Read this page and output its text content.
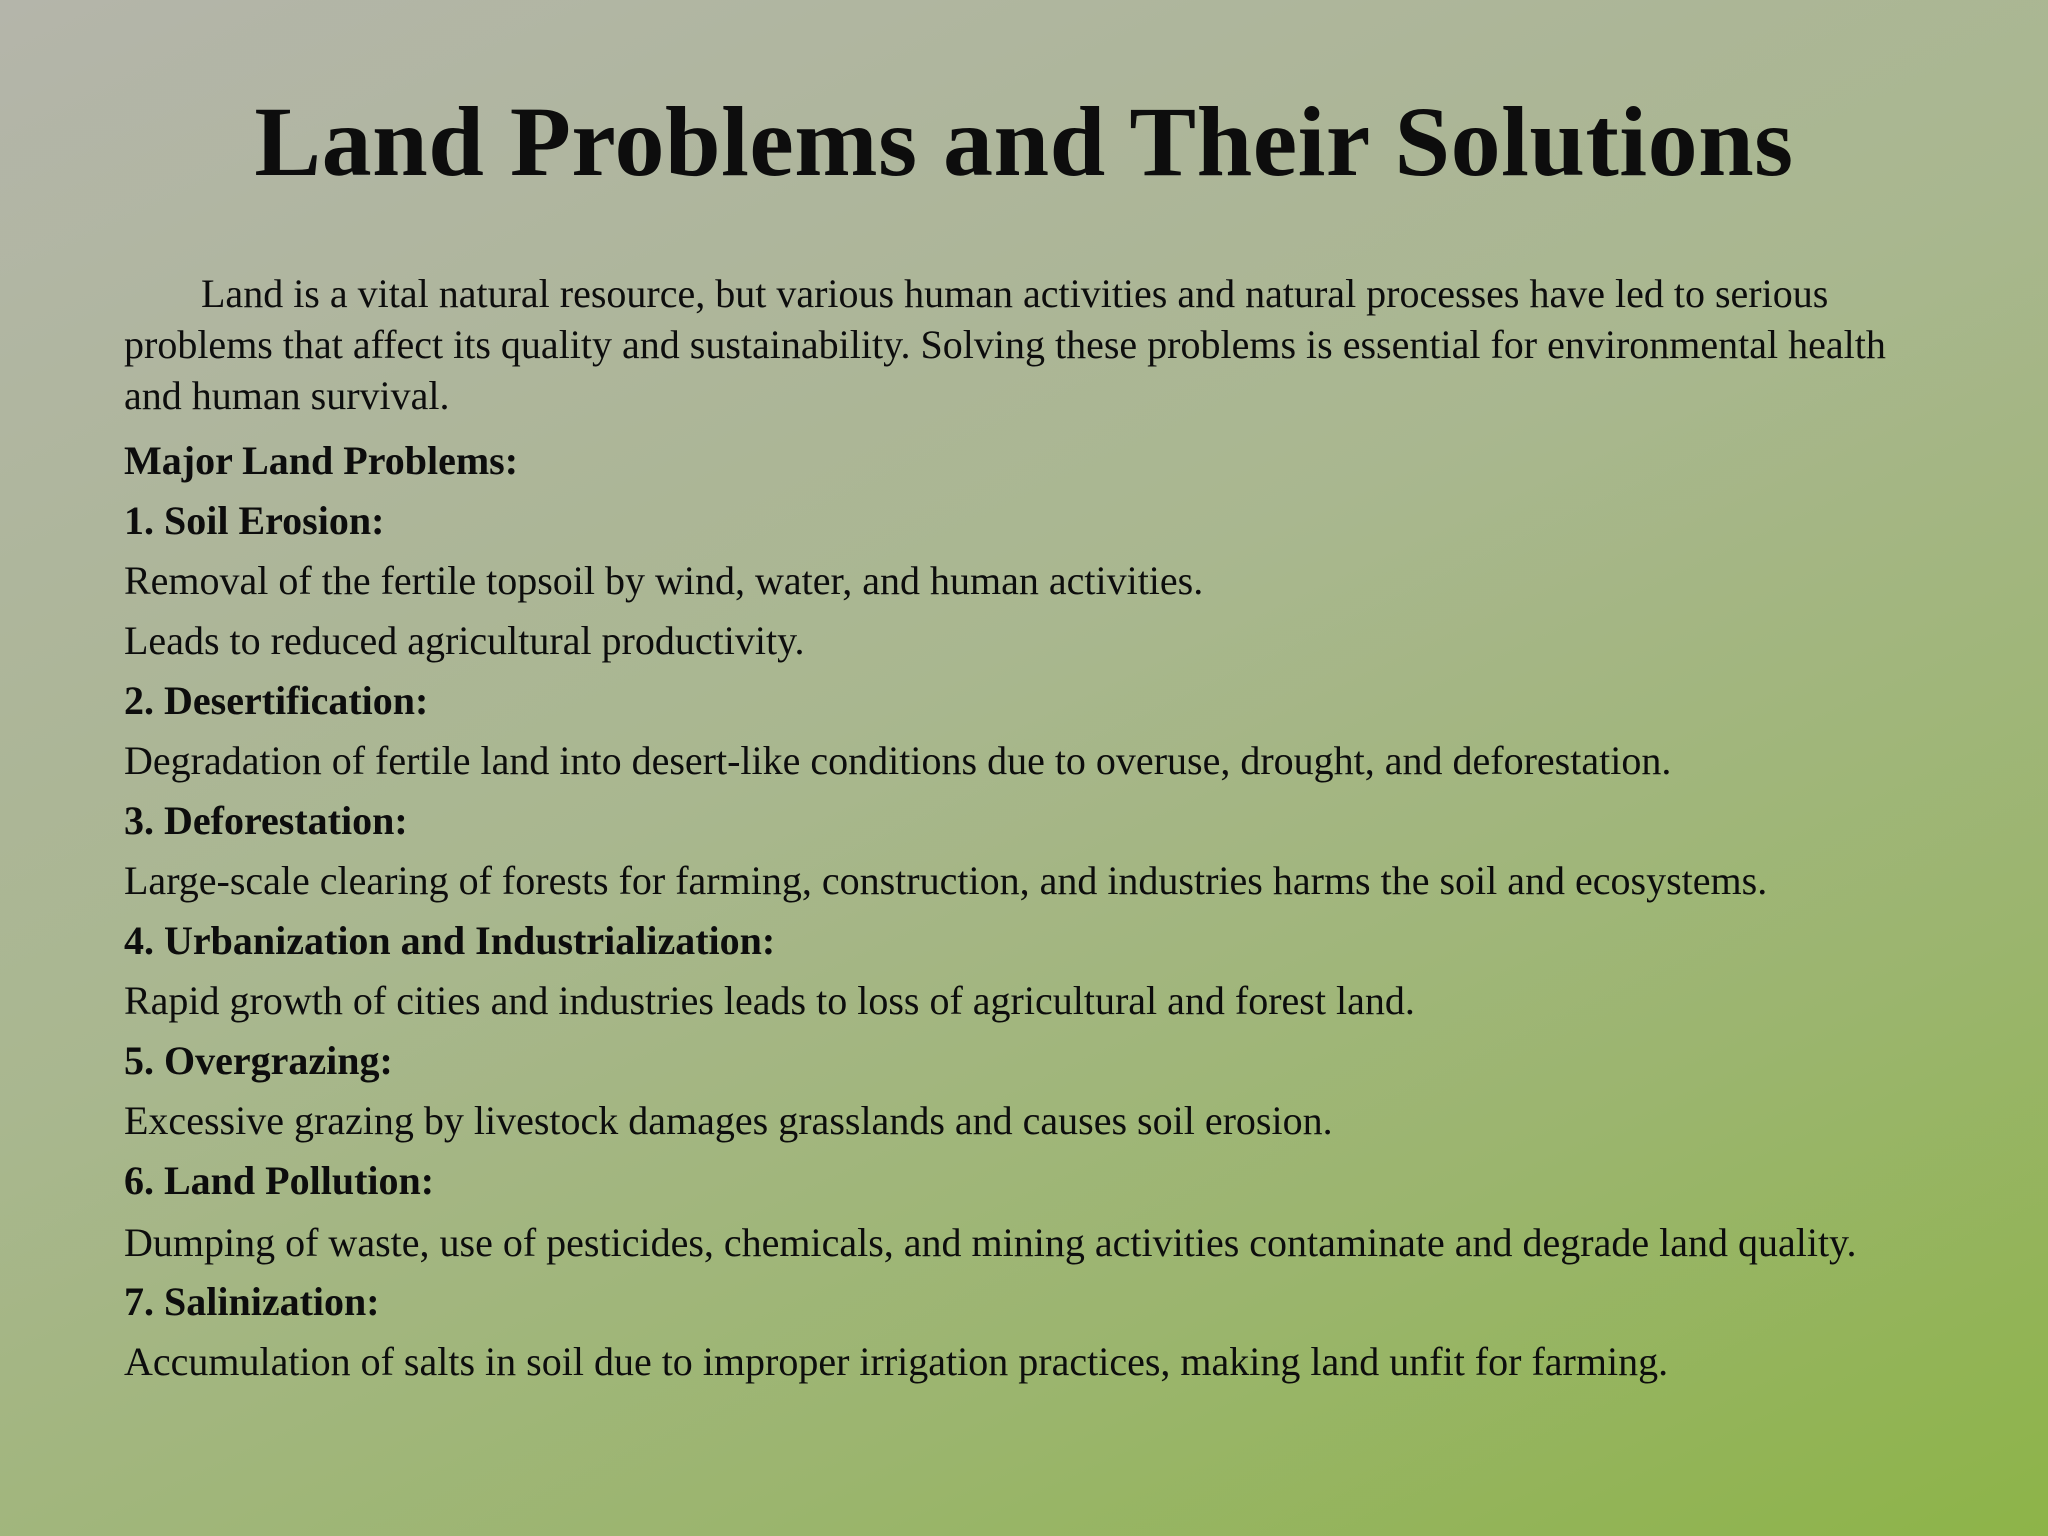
Land Problems and Their Solutions

Land is a vital natural resource, but various human activities and natural processes have led to serious problems that affect its quality and sustainability. Solving these problems is essential for environmental health and human survival.

Major Land Problems:

1. Soil Erosion:

Removal of the fertile topsoil by wind, water, and human activities.

Leads to reduced agricultural productivity.

2. Desertification:

Degradation of fertile land into desert-like conditions due to overuse, drought, and deforestation.

3. Deforestation:

Large-scale clearing of forests for farming, construction, and industries harms the soil and ecosystems.

4. Urbanization and Industrialization:

Rapid growth of cities and industries leads to loss of agricultural and forest land.

5. Overgrazing:

Excessive grazing by livestock damages grasslands and causes soil erosion.

6. Land Pollution:

Dumping of waste, use of pesticides, chemicals, and mining activities contaminate and degrade land quality.

7. Salinization:

Accumulation of salts in soil due to improper irrigation practices, making land unfit for farming.
